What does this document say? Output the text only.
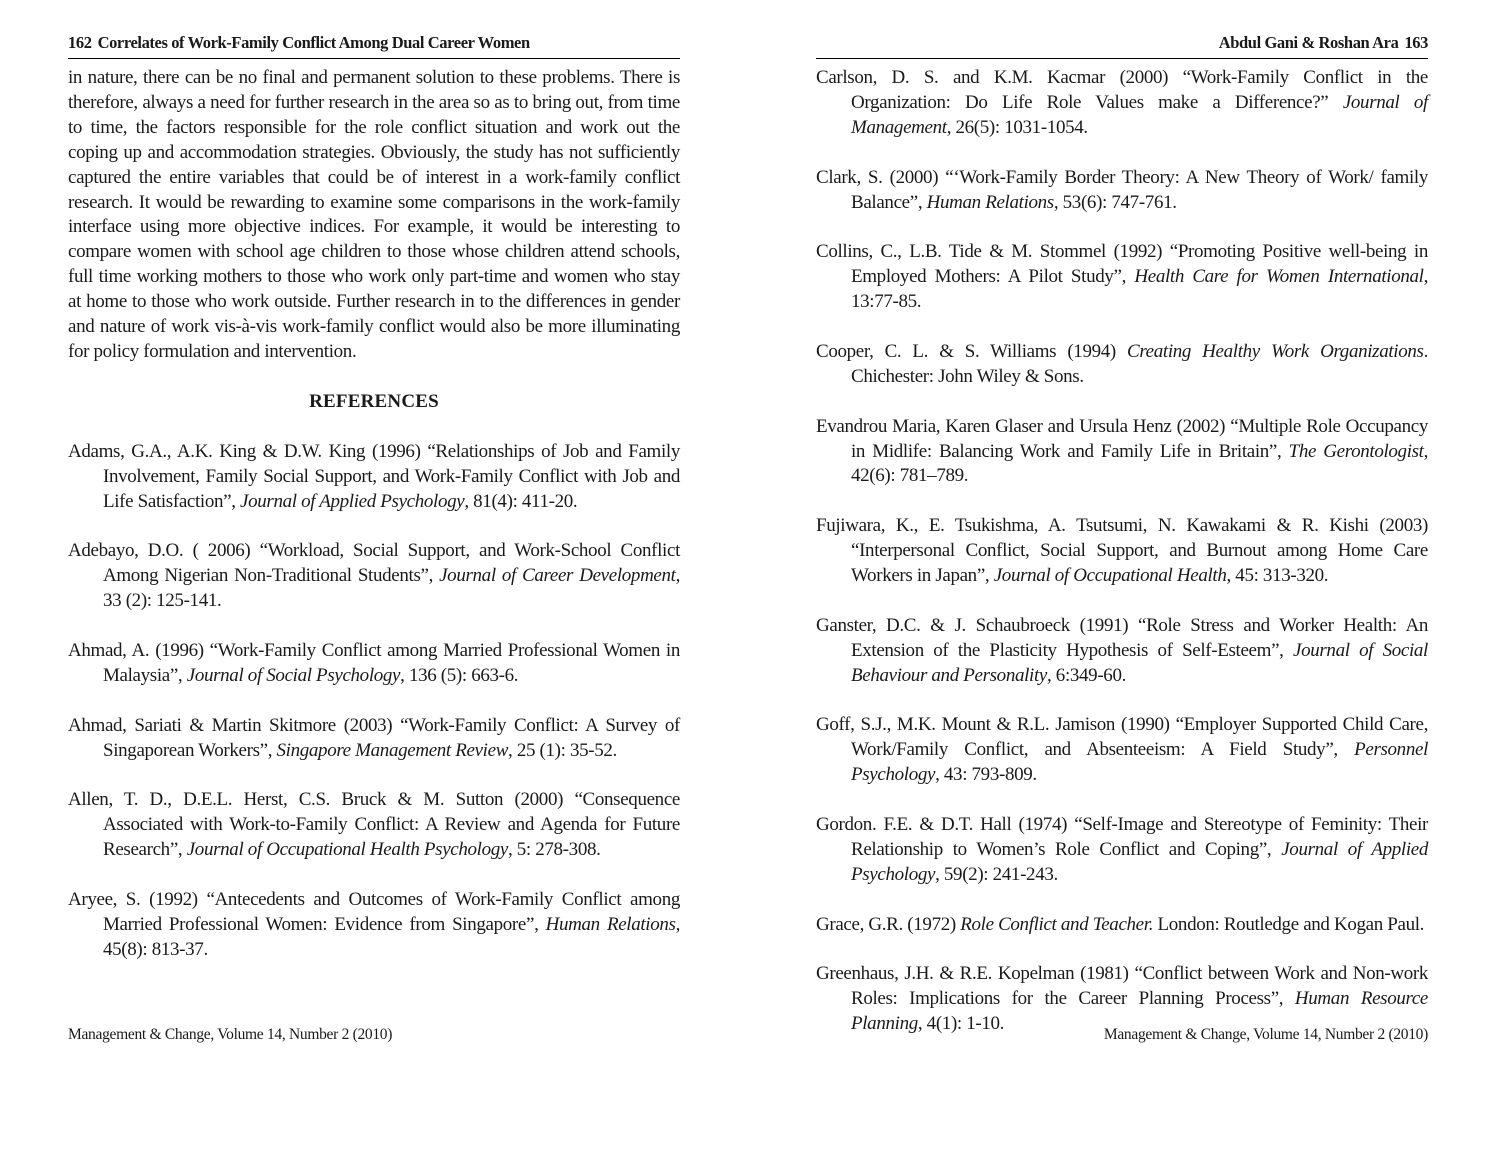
162 Correlates of Work-Family Conflict Among Dual Career Women

in nature, there can be no final and permanent solution to these problems. There is therefore, always a need for further research in the area so as to bring out, from time to time, the factors responsible for the role conflict situation and work out the coping up and accommodation strategies. Obviously, the study has not sufficiently captured the entire variables that could be of interest in a work-family conflict research. It would be rewarding to examine some comparisons in the work-family interface using more objective indices. For example, it would be interesting to compare women with school age children to those whose children attend schools, full time working mothers to those who work only part-time and women who stay at home to those who work outside. Further research in to the differences in gender and nature of work vis-à-vis work-family conflict would also be more illuminating for policy formulation and intervention.

REFERENCES

Adams, G.A., A.K. King & D.W. King (1996) “Relationships of Job and Family Involvement, Family Social Support, and Work-Family Conflict with Job and Life Satisfaction”, Journal of Applied Psychology, 81(4): 411-20.

Adebayo, D.O. ( 2006) “Workload, Social Support, and Work-School Conflict Among Nigerian Non-Traditional Students”, Journal of Career Development, 33 (2): 125-141.

Ahmad, A. (1996) “Work-Family Conflict among Married Professional Women in Malaysia”, Journal of Social Psychology, 136 (5): 663-6.

Ahmad, Sariati & Martin Skitmore (2003) “Work-Family Conflict: A Survey of Singaporean Workers”, Singapore Management Review, 25 (1): 35-52.

Allen, T. D., D.E.L. Herst, C.S. Bruck & M. Sutton (2000) “Consequence Associated with Work-to-Family Conflict: A Review and Agenda for Future Research”, Journal of Occupational Health Psychology, 5: 278-308.

Aryee, S. (1992) “Antecedents and Outcomes of Work-Family Conflict among Married Professional Women: Evidence from Singapore”, Human Relations, 45(8): 813-37.

Management & Change, Volume 14, Number 2 (2010)
Abdul Gani & Roshan Ara 163

Carlson, D. S. and K.M. Kacmar (2000) “Work-Family Conflict in the Organization: Do Life Role Values make a Difference?” Journal of Management, 26(5): 1031-1054.

Clark, S. (2000) “‘Work-Family Border Theory: A New Theory of Work/ family Balance”, Human Relations, 53(6): 747-761.

Collins, C., L.B. Tide & M. Stommel (1992) “Promoting Positive well-being in Employed Mothers: A Pilot Study”, Health Care for Women International, 13:77-85.

Cooper, C. L. & S. Williams (1994) Creating Healthy Work Organizations. Chichester: John Wiley & Sons.

Evandrou Maria, Karen Glaser and Ursula Henz (2002) “Multiple Role Occupancy in Midlife: Balancing Work and Family Life in Britain”, The Gerontologist, 42(6): 781–789.

Fujiwara, K., E. Tsukishma, A. Tsutsumi, N. Kawakami & R. Kishi (2003) “Interpersonal Conflict, Social Support, and Burnout among Home Care Workers in Japan”, Journal of Occupational Health, 45: 313-320.

Ganster, D.C. & J. Schaubroeck (1991) “Role Stress and Worker Health: An Extension of the Plasticity Hypothesis of Self-Esteem”, Journal of Social Behaviour and Personality, 6:349-60.

Goff, S.J., M.K. Mount & R.L. Jamison (1990) “Employer Supported Child Care, Work/Family Conflict, and Absenteeism: A Field Study”, Personnel Psychology, 43: 793-809.

Gordon. F.E. & D.T. Hall (1974) “Self-Image and Stereotype of Feminity: Their Relationship to Women’s Role Conflict and Coping”, Journal of Applied Psychology, 59(2): 241-243.

Grace, G.R. (1972) Role Conflict and Teacher. London: Routledge and Kogan Paul.

Greenhaus, J.H. & R.E. Kopelman (1981) “Conflict between Work and Non-work Roles: Implications for the Career Planning Process”, Human Resource Planning, 4(1): 1-10.

Management & Change, Volume 14, Number 2 (2010)
